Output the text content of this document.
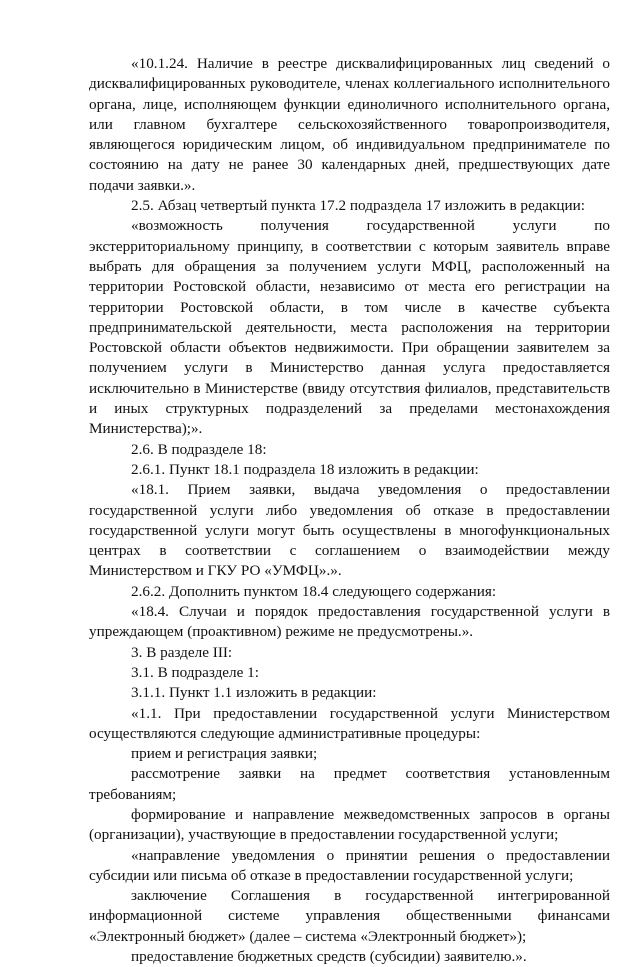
«10.1.24. Наличие в реестре дисквалифицированных лиц сведений о дисквалифицированных руководителе, членах коллегиального исполнительного органа, лице, исполняющем функции единоличного исполнительного органа, или главном бухгалтере сельскохозяйственного товаропроизводителя, являющегося юридическим лицом, об индивидуальном предпринимателе по состоянию на дату не ранее 30 календарных дней, предшествующих дате подачи заявки.».

2.5. Абзац четвертый пункта 17.2 подраздела 17 изложить в редакции:

«возможность получения государственной услуги по экстерриториальному принципу, в соответствии с которым заявитель вправе выбрать для обращения за получением услуги МФЦ, расположенный на территории Ростовской области, независимо от места его регистрации на территории Ростовской области, в том числе в качестве субъекта предпринимательской деятельности, места расположения на территории Ростовской области объектов недвижимости. При обращении заявителем за получением услуги в Министерство данная услуга предоставляется исключительно в Министерстве (ввиду отсутствия филиалов, представительств и иных структурных подразделений за пределами местонахождения Министерства);».

2.6. В подразделе 18:

2.6.1. Пункт 18.1 подраздела 18 изложить в редакции:

«18.1. Прием заявки, выдача уведомления о предоставлении государственной услуги либо уведомления об отказе в предоставлении государственной услуги могут быть осуществлены в многофункциональных центрах в соответствии с соглашением о взаимодействии между Министерством и ГКУ РО «УМФЦ».».

2.6.2. Дополнить пунктом 18.4 следующего содержания:

«18.4. Случаи и порядок предоставления государственной услуги в упреждающем (проактивном) режиме не предусмотрены.».

3. В разделе III:

3.1. В подразделе 1:

3.1.1. Пункт 1.1 изложить в редакции:

«1.1. При предоставлении государственной услуги Министерством осуществляются следующие административные процедуры:

прием и регистрация заявки;

рассмотрение заявки на предмет соответствия установленным требованиям;

формирование и направление межведомственных запросов в органы (организации), участвующие в предоставлении государственной услуги;

«направление уведомления о принятии решения о предоставлении субсидии или письма об отказе в предоставлении государственной услуги;

заключение Соглашения в государственной интегрированной информационной системе управления общественными финансами «Электронный бюджет» (далее – система «Электронный бюджет»);

предоставление бюджетных средств (субсидии) заявителю.».
